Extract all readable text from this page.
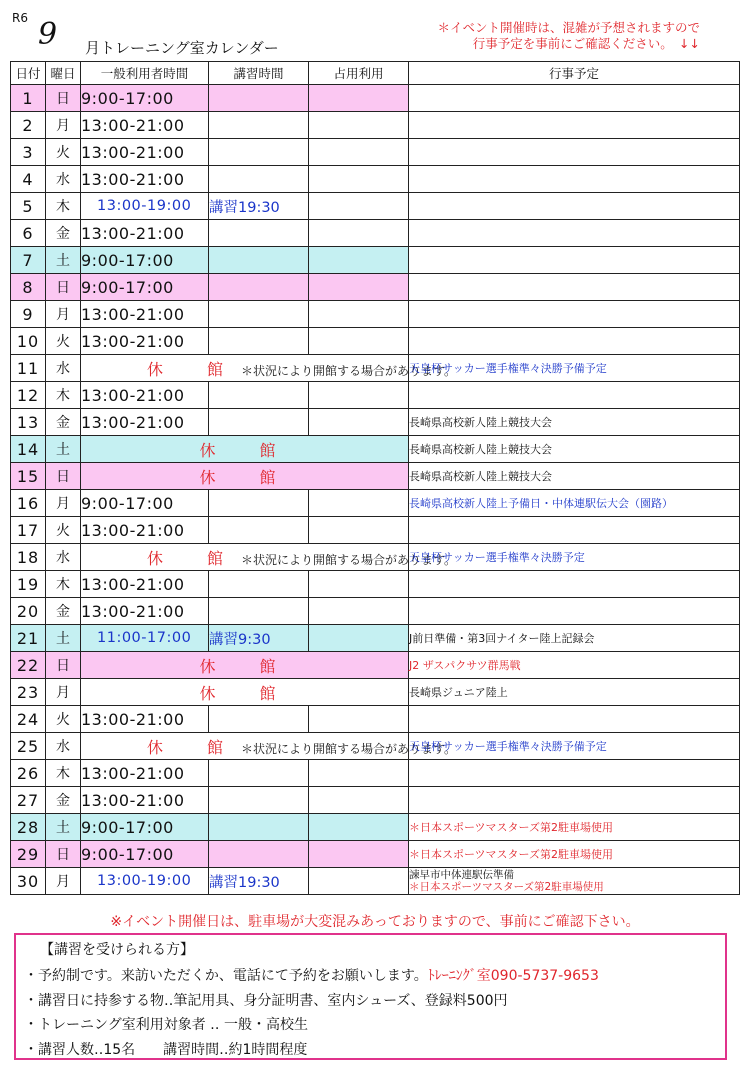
R6 9 月トレーニング室カレンダー
＊イベント開催時は、混雑が予想されますので
行事予定を事前にご確認ください。　↓↓
日付	曜日	一般利用者時間	講習時間	占用利用	行事予定
1	日	9:00-17:00			

2	月	13:00-21:00			

3	火	13:00-21:00			

4	水	13:00-21:00			

5	木	13:00-19:00	講習19:30		

6	金	13:00-21:00			

7	土	9:00-17:00			

8	日	9:00-17:00			

9	月	13:00-21:00			

10	火	13:00-21:00			

11	水	休　館 ＊状況により開館する場合があります。			天皇杯サッカー選手権準々決勝予備予定

12	木	13:00-21:00			

13	金	13:00-21:00			長崎県高校新人陸上競技大会

14	土	休　館			長崎県高校新人陸上競技大会

15	日	休　館			長崎県高校新人陸上競技大会

16	月	9:00-17:00			長崎県高校新人陸上予備日・中体連駅伝大会（園路）

17	火	13:00-21:00			

18	水	休　館 ＊状況により開館する場合があります。			天皇杯サッカー選手権準々決勝予定

19	木	13:00-21:00			

20	金	13:00-21:00			

21	土	11:00-17:00	講習9:30		J前日準備・第3回ナイター陸上記録会

22	日	休　館			J2 ザスパクサツ群馬戦

23	月	休　館			長崎県ジュニア陸上

24	火	13:00-21:00			

25	水	休　館 ＊状況により開館する場合があります。			天皇杯サッカー選手権準々決勝予備予定

26	木	13:00-21:00			

27	金	13:00-21:00			

28	土	9:00-17:00			＊日本スポーツマスターズ第2駐車場使用

29	日	9:00-17:00			＊日本スポーツマスターズ第2駐車場使用

30	月	13:00-19:00	講習19:30		諫早市中体連駅伝準備
＊日本スポーツマスターズ第2駐車場使用
※イベント開催日は、駐車場が大変混みあっておりますので、事前にご確認下さい。
【講習を受けられる方】
・予約制です。来訪いただくか、電話にて予約をお願いします。ﾄﾚｰﾆﾝｸﾞ室090-5737-9653
・講習日に持参する物‥筆記用具、身分証明書、室内シューズ、登録料500円
・トレーニング室利用対象者 ‥ 一般・高校生
・講習人数‥15名　　講習時間‥約1時間程度
